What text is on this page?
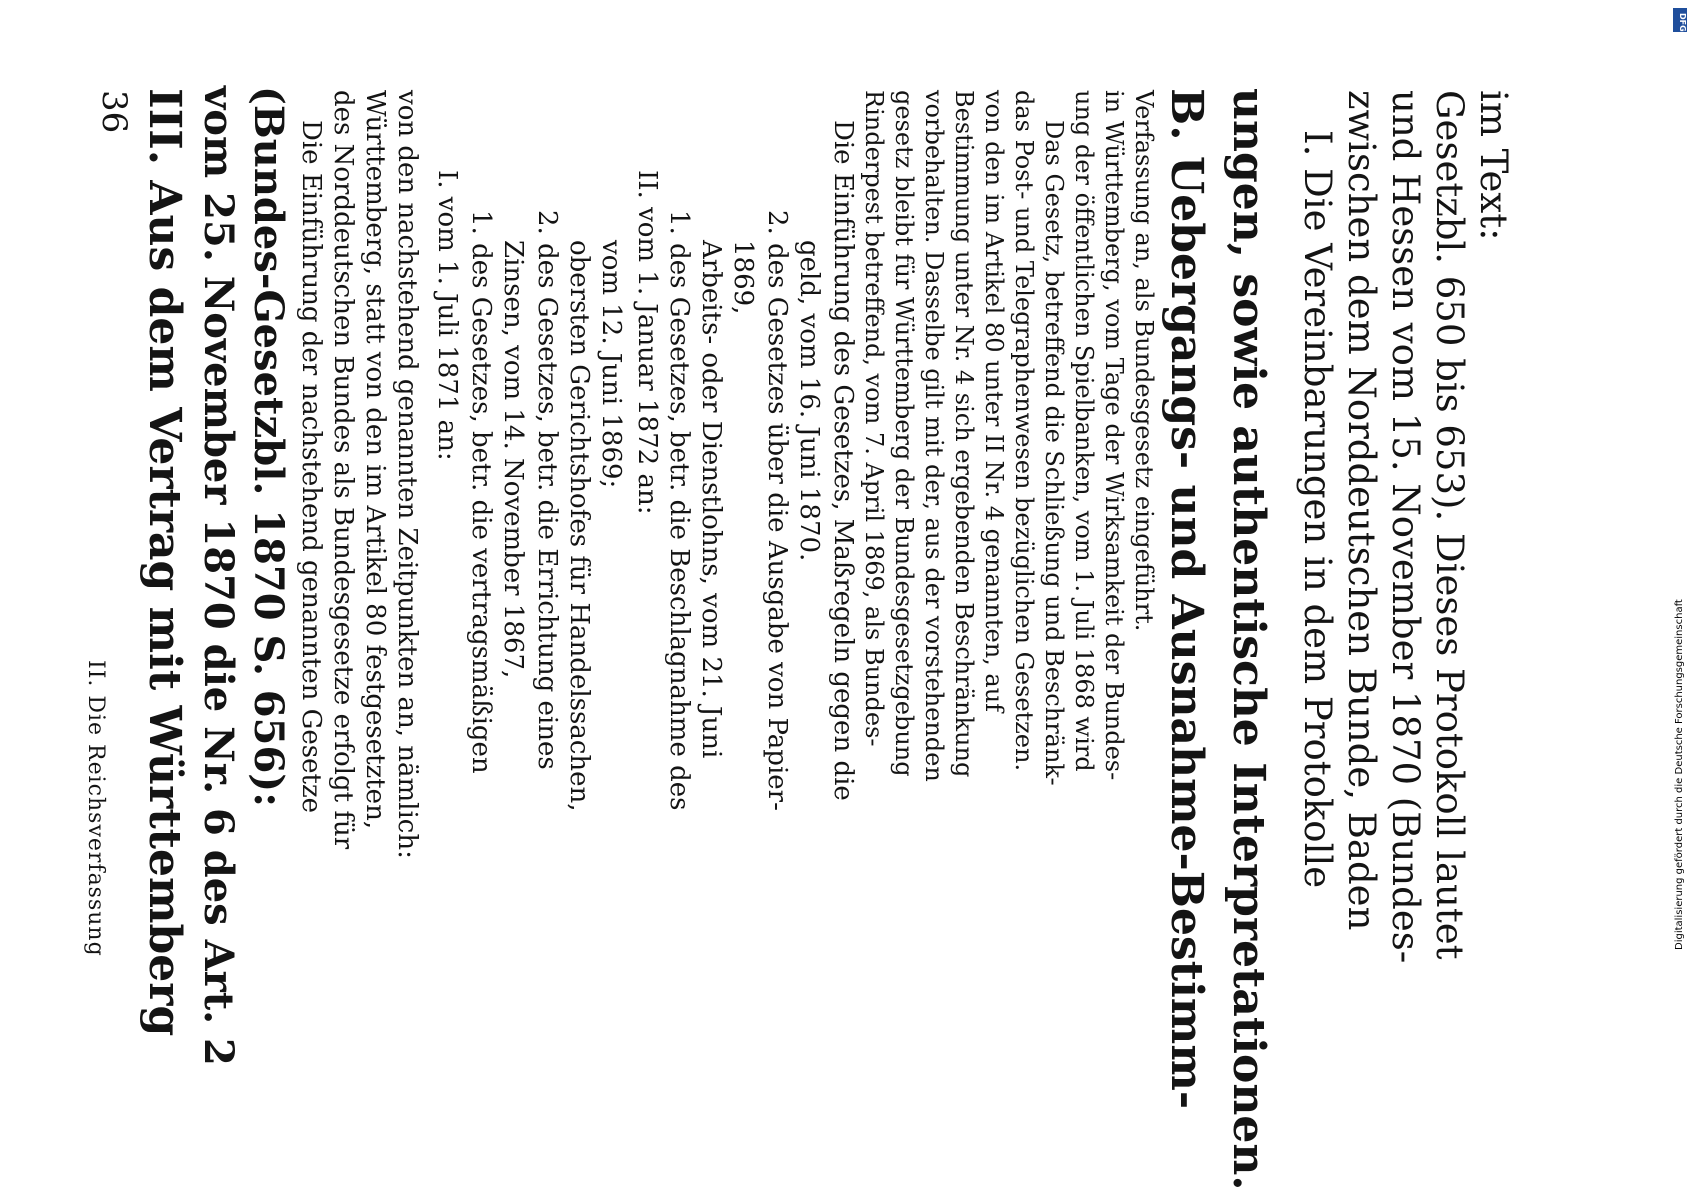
36
II. Die Reichsverfassung III. Aus dem Vertrag mit Württemberg vom 25. November 1870 die Nr. 6 des Art. 2 (Bundes-Gesetzbl. 1870 S. 656): Die Einführung der nachstehend genannten Gesetze des Norddeutschen Bundes als Bundesgesetze erfolgt für Württemberg, statt von den im Artikel 80 festgesetzten, von den nachstehend genannten Zeitpunkten an, nämlich: I. vom 1. Juli 1871 an: 1. des Gesetzes, betr. die vertragsmäßigen Zinsen, vom 14. November 1867, 2. des Gesetzes, betr. die Errichtung eines obersten Gerichtshofes für Handelssachen, vom 12. Juni 1869; II. vom 1. Januar 1872 an: 1. des Gesetzes, betr. die Beschlagnahme des Arbeits- oder Dienstlohns, vom 21. Juni 1869, 2. des Gesetzes über die Ausgabe von Papier- geld, vom 16. Juni 1870. Die Einführung des Gesetzes, Maßregeln gegen die Rinderpest betreffend, vom 7. April 1869, als Bundes- gesetz bleibt für Württemberg der Bundesgesetzgebung vorbehalten. Dasselbe gilt mit der, aus der vorstehenden Bestimmung unter Nr. 4 sich ergebenden Beschränkung von den im Artikel 80 unter II Nr. 4 genannten, auf das Post- und Telegraphenwesen bezüglichen Gesetzen. Das Gesetz, betreffend die Schließung und Beschränk- ung der öffentlichen Spielbanken, vom 1. Juli 1868 wird in Württemberg, vom Tage der Wirksamkeit der Bundes- Verfassung an, als Bundesgesetz eingeführt. B. Uebergangs- und Ausnahme-Bestimm- ungen, sowie authentische Interpretationen. I. Die Vereinbarungen in dem Protokolle zwischen dem Norddeutschen Bunde, Baden und Hessen vom 15. November 1870 (Bundes- Gesetzbl. 650 bis 653). Dieses Protokoll lautet im Text:
DFG
Digitalisierung gefördert durch die Deutsche Forschungsgemeinschaft
